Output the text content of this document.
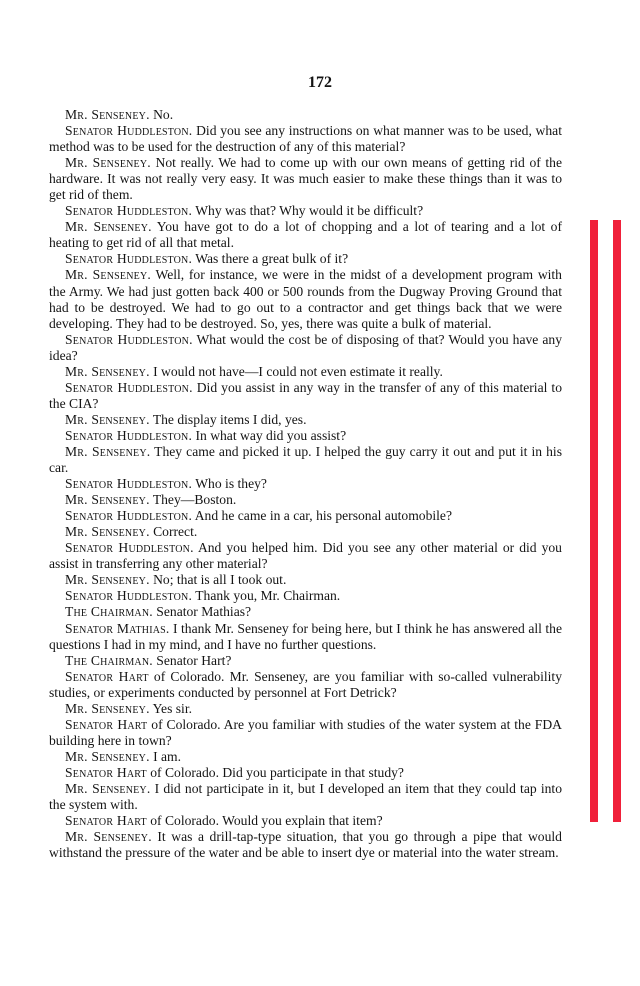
172

Mr. Senseney. No.

Senator Huddleston. Did you see any instructions on what manner was to be used, what method was to be used for the destruction of any of this material?

Mr. Senseney. Not really. We had to come up with our own means of getting rid of the hardware. It was not really very easy. It was much easier to make these things than it was to get rid of them.

Senator Huddleston. Why was that? Why would it be difficult?

Mr. Senseney. You have got to do a lot of chopping and a lot of tearing and a lot of heating to get rid of all that metal.

Senator Huddleston. Was there a great bulk of it?

Mr. Senseney. Well, for instance, we were in the midst of a development program with the Army. We had just gotten back 400 or 500 rounds from the Dugway Proving Ground that had to be destroyed. We had to go out to a contractor and get things back that we were developing. They had to be destroyed. So, yes, there was quite a bulk of material.

Senator Huddleston. What would the cost be of disposing of that? Would you have any idea?

Mr. Senseney. I would not have—I could not even estimate it really.

Senator Huddleston. Did you assist in any way in the transfer of any of this material to the CIA?

Mr. Senseney. The display items I did, yes.

Senator Huddleston. In what way did you assist?

Mr. Senseney. They came and picked it up. I helped the guy carry it out and put it in his car.

Senator Huddleston. Who is they?

Mr. Senseney. They—Boston.

Senator Huddleston. And he came in a car, his personal automobile?

Mr. Senseney. Correct.

Senator Huddleston. And you helped him. Did you see any other material or did you assist in transferring any other material?

Mr. Senseney. No; that is all I took out.

Senator Huddleston. Thank you, Mr. Chairman.

The Chairman. Senator Mathias?

Senator Mathias. I thank Mr. Senseney for being here, but I think he has answered all the questions I had in my mind, and I have no further questions.

The Chairman. Senator Hart?

Senator Hart of Colorado. Mr. Senseney, are you familiar with so-called vulnerability studies, or experiments conducted by personnel at Fort Detrick?

Mr. Senseney. Yes sir.

Senator Hart of Colorado. Are you familiar with studies of the water system at the FDA building here in town?

Mr. Senseney. I am.

Senator Hart of Colorado. Did you participate in that study?

Mr. Senseney. I did not participate in it, but I developed an item that they could tap into the system with.

Senator Hart of Colorado. Would you explain that item?

Mr. Senseney. It was a drill-tap-type situation, that you go through a pipe that would withstand the pressure of the water and be able to insert dye or material into the water stream.
